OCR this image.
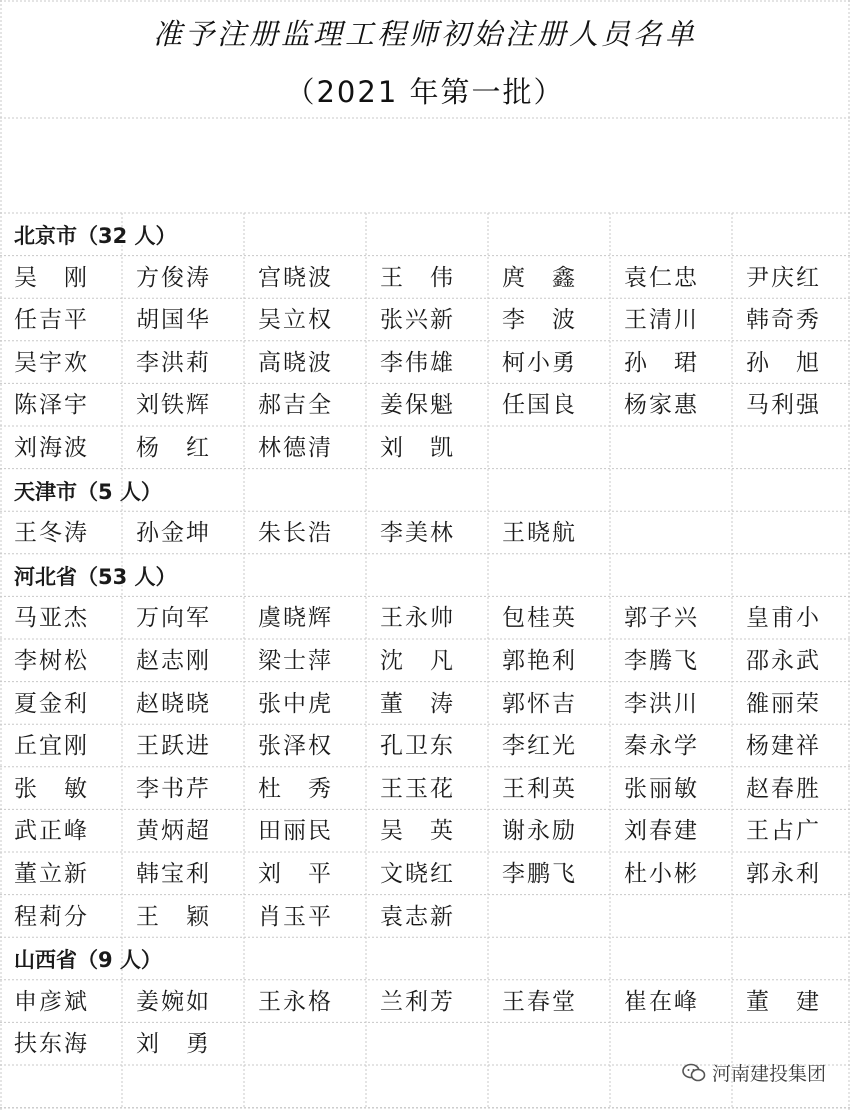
准予注册监理工程师初始注册人员名单
（2021 年第一批）
北京市（32 人）
吴　刚	方俊涛	宫晓波	王　伟	庹　鑫	袁仁忠	尹庆红
任吉平	胡国华	吴立权	张兴新	李　波	王清川	韩奇秀
吴宇欢	李洪莉	高晓波	李伟雄	柯小勇	孙　珺	孙　旭
陈泽宇	刘铁辉	郝吉全	姜保魁	任国良	杨家惠	马利强
刘海波	杨　红	林德清	刘　凯
天津市（5 人）
王冬涛	孙金坤	朱长浩	李美林	王晓航
河北省（53 人）
马亚杰	万向军	虞晓辉	王永帅	包桂英	郭子兴	皇甫小
李树松	赵志刚	梁士萍	沈　凡	郭艳利	李腾飞	邵永武
夏金利	赵晓晓	张中虎	董　涛	郭怀吉	李洪川	雒丽荣
丘宜刚	王跃进	张泽权	孔卫东	李红光	秦永学	杨建祥
张　敏	李书芹	杜　秀	王玉花	王利英	张丽敏	赵春胜
武正峰	黄炳超	田丽民	吴　英	谢永励	刘春建	王占广
董立新	韩宝利	刘　平	文晓红	李鹏飞	杜小彬	郭永利
程莉分	王　颖	肖玉平	袁志新
山西省（9 人）
申彦斌	姜婉如	王永格	兰利芳	王春堂	崔在峰	董　建
扶东海	刘　勇
河南建投集团
